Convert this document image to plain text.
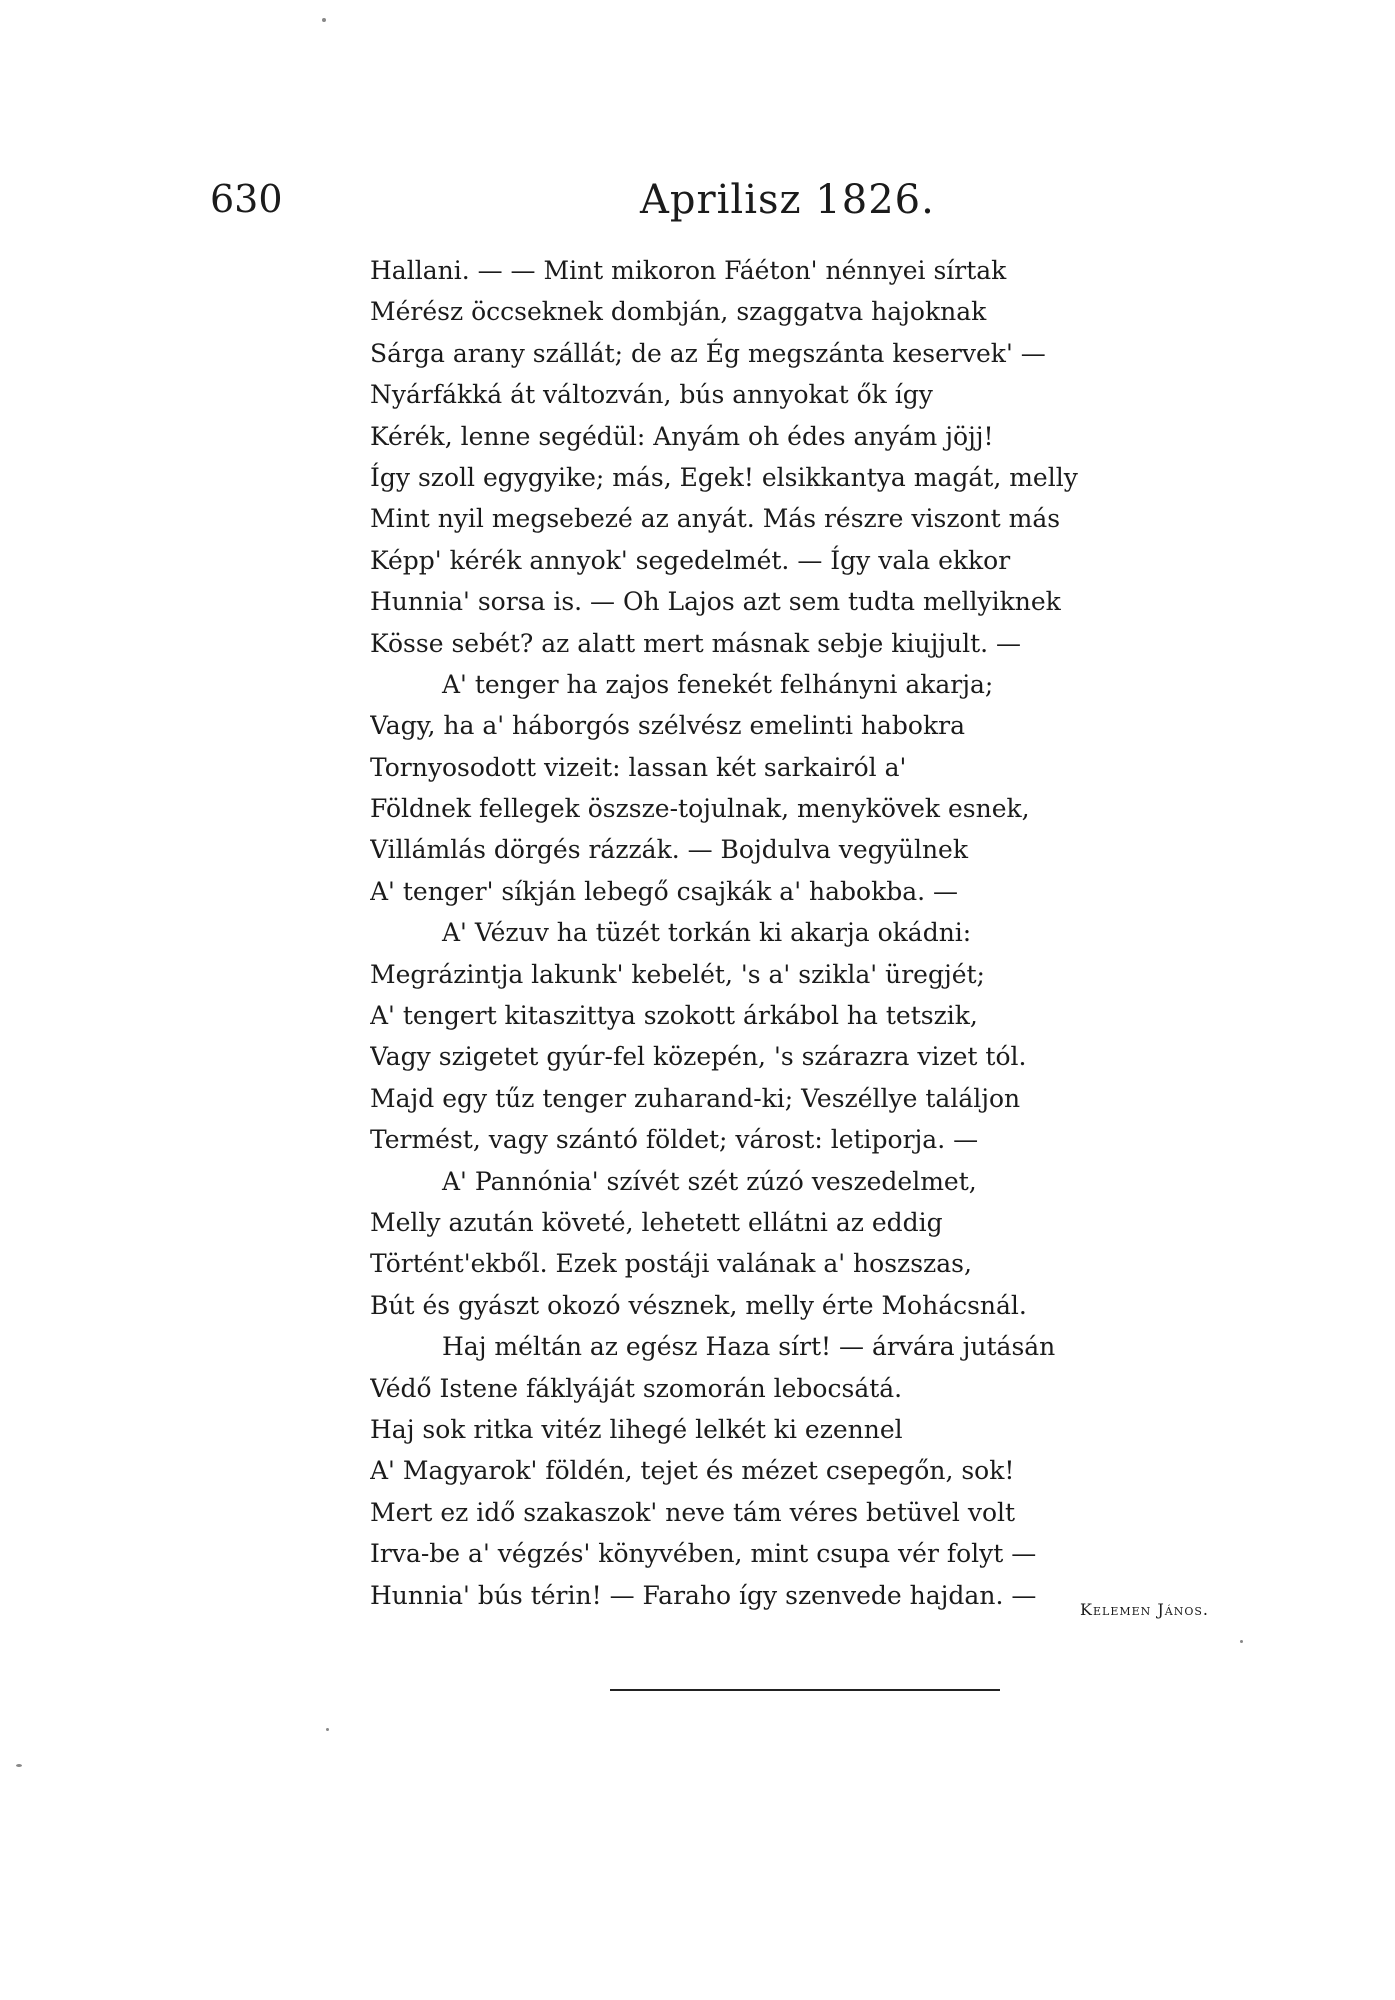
630	Aprilisz 1826.
Hallani. — — Mint mikoron Fáéton' nénnyei sírtak
Mérész öccseknek dombján, szaggatva hajoknak
Sárga arany szállát; de az Ég megszánta keservek' —
Nyárfákká át változván, bús annyokat ők így
Kérék, lenne segédül: Anyám oh édes anyám jöjj!
Így szoll egygyike; más, Egek! elsikkantya magát, melly
Mint nyil megsebezé az anyát. Más részre viszont más
Képp' kérék annyok' segedelmét. — Így vala ekkor
Hunnia' sorsa is. — Oh Lajos azt sem tudta mellyiknek
Kösse sebét? az alatt mert másnak sebje kiujjult. —
A' tenger ha zajos fenekét felhányni akarja;
Vagy, ha a' háborgós szélvész emelinti habokra
Tornyosodott vizeit: lassan két sarkairól a'
Földnek fellegek öszsze-tojulnak, menykövek esnek,
Villámlás dörgés rázzák. — Bojdulva vegyülnek
A' tenger' síkján lebegő csajkák a' habokba. —
A' Vézuv ha tüzét torkán ki akarja okádni:
Megrázintja lakunk' kebelét, 's a' szikla' üregjét;
A' tengert kitaszittya szokott árkábol ha tetszik,
Vagy szigetet gyúr-fel közepén, 's szárazra vizet tól.
Majd egy tűz tenger zuharand-ki; Veszéllye találjon
Termést, vagy szántó földet; várost: letiporja. —
A' Pannónia' szívét szét zúzó veszedelmet,
Melly azután követé, lehetett ellátni az eddig
Történt'ekből. Ezek postáji valának a' hoszszas,
Bút és gyászt okozó vésznek, melly érte Mohácsnál.
Haj méltán az egész Haza sírt! — árvára jutásán
Védő Istene fáklyáját szomorán lebocsátá.
Haj sok ritka vitéz lihegé lelkét ki ezennel
A' Magyarok' földén, tejet és mézet csepegőn, sok!
Mert ez idő szakaszok' neve tám véres betüvel volt
Irva-be a' végzés' könyvében, mint csupa vér folyt —
Hunnia' bús térin! — Faraho így szenvede hajdan. —	Kelemen János.
